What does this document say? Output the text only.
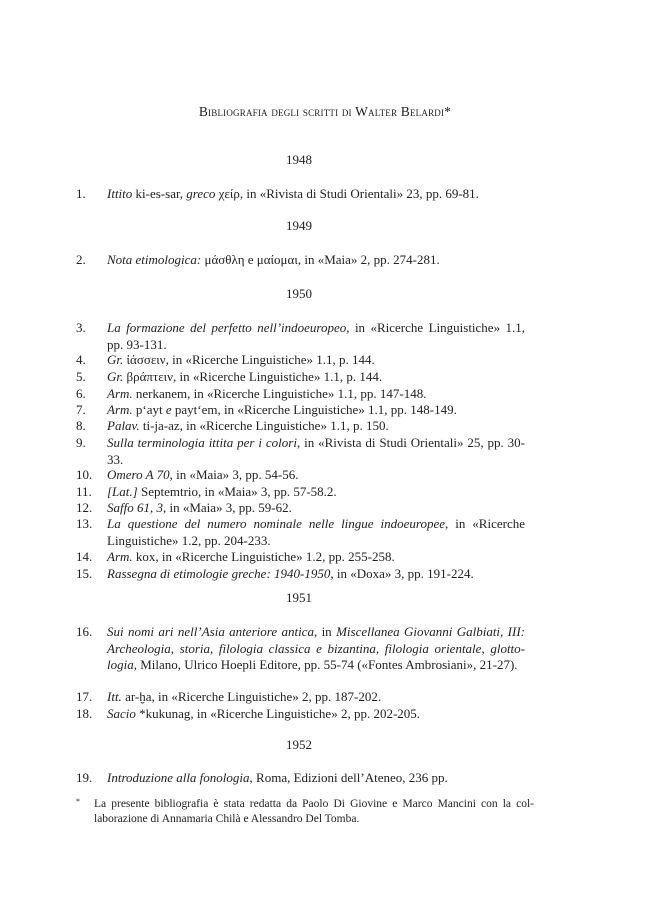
Bibliografia degli scritti di Walter Belardi*
1948
1.	Ittito ki-es-sar, greco χείρ, in «Rivista di Studi Orientali» 23, pp. 69-81.
1949
2.	Nota etimologica: μάσθλη e μαίομαι, in «Maia» 2, pp. 274-281.
1950
3.	La formazione del perfetto nell’indoeuropeo, in «Ricerche Linguistiche» 1.1, pp. 93-131.
4.	Gr. ἰάσσειν, in «Ricerche Linguistiche» 1.1, p. 144.
5.	Gr. βράπτειν, in «Ricerche Linguistiche» 1.1, p. 144.
6.	Arm. nerkanem, in «Ricerche Linguistiche» 1.1, pp. 147-148.
7.	Arm. pʻayt e paytʻem, in «Ricerche Linguistiche» 1.1, pp. 148-149.
8.	Palav. ti-ja-az, in «Ricerche Linguistiche» 1.1, p. 150.
9.	Sulla terminologia ittita per i colori, in «Rivista di Studi Orientali» 25, pp. 30-33.
10.	Omero A 70, in «Maia» 3, pp. 54-56.
11.	[Lat.] Septemtrio, in «Maia» 3, pp. 57-58.2.
12.	Saffo 61, 3, in «Maia» 3, pp. 59-62.
13.	La questione del numero nominale nelle lingue indoeuropee, in «Ricerche Linguistiche» 1.2, pp. 204-233.
14.	Arm. kox, in «Ricerche Linguistiche» 1.2, pp. 255-258.
15.	Rassegna di etimologie greche: 1940-1950, in «Doxa» 3, pp. 191-224.
1951
16.	Sui nomi ari nell’Asia anteriore antica, in Miscellanea Giovanni Galbiati, III: Archeologia, storia, filologia classica e bizantina, filologia orientale, glotto-logia, Milano, Ulrico Hoepli Editore, pp. 55-74 («Fontes Ambrosiani», 21-27).
17.	Itt. ar-ḫa, in «Ricerche Linguistiche» 2, pp. 187-202.
18.	Sacio *kukunag, in «Ricerche Linguistiche» 2, pp. 202-205.
1952
19.	Introduzione alla fonologia, Roma, Edizioni dell’Ateneo, 236 pp.
* La presente bibliografia è stata redatta da Paolo Di Giovine e Marco Mancini con la col-laborazione di Annamaria Chilà e Alessandro Del Tomba.
